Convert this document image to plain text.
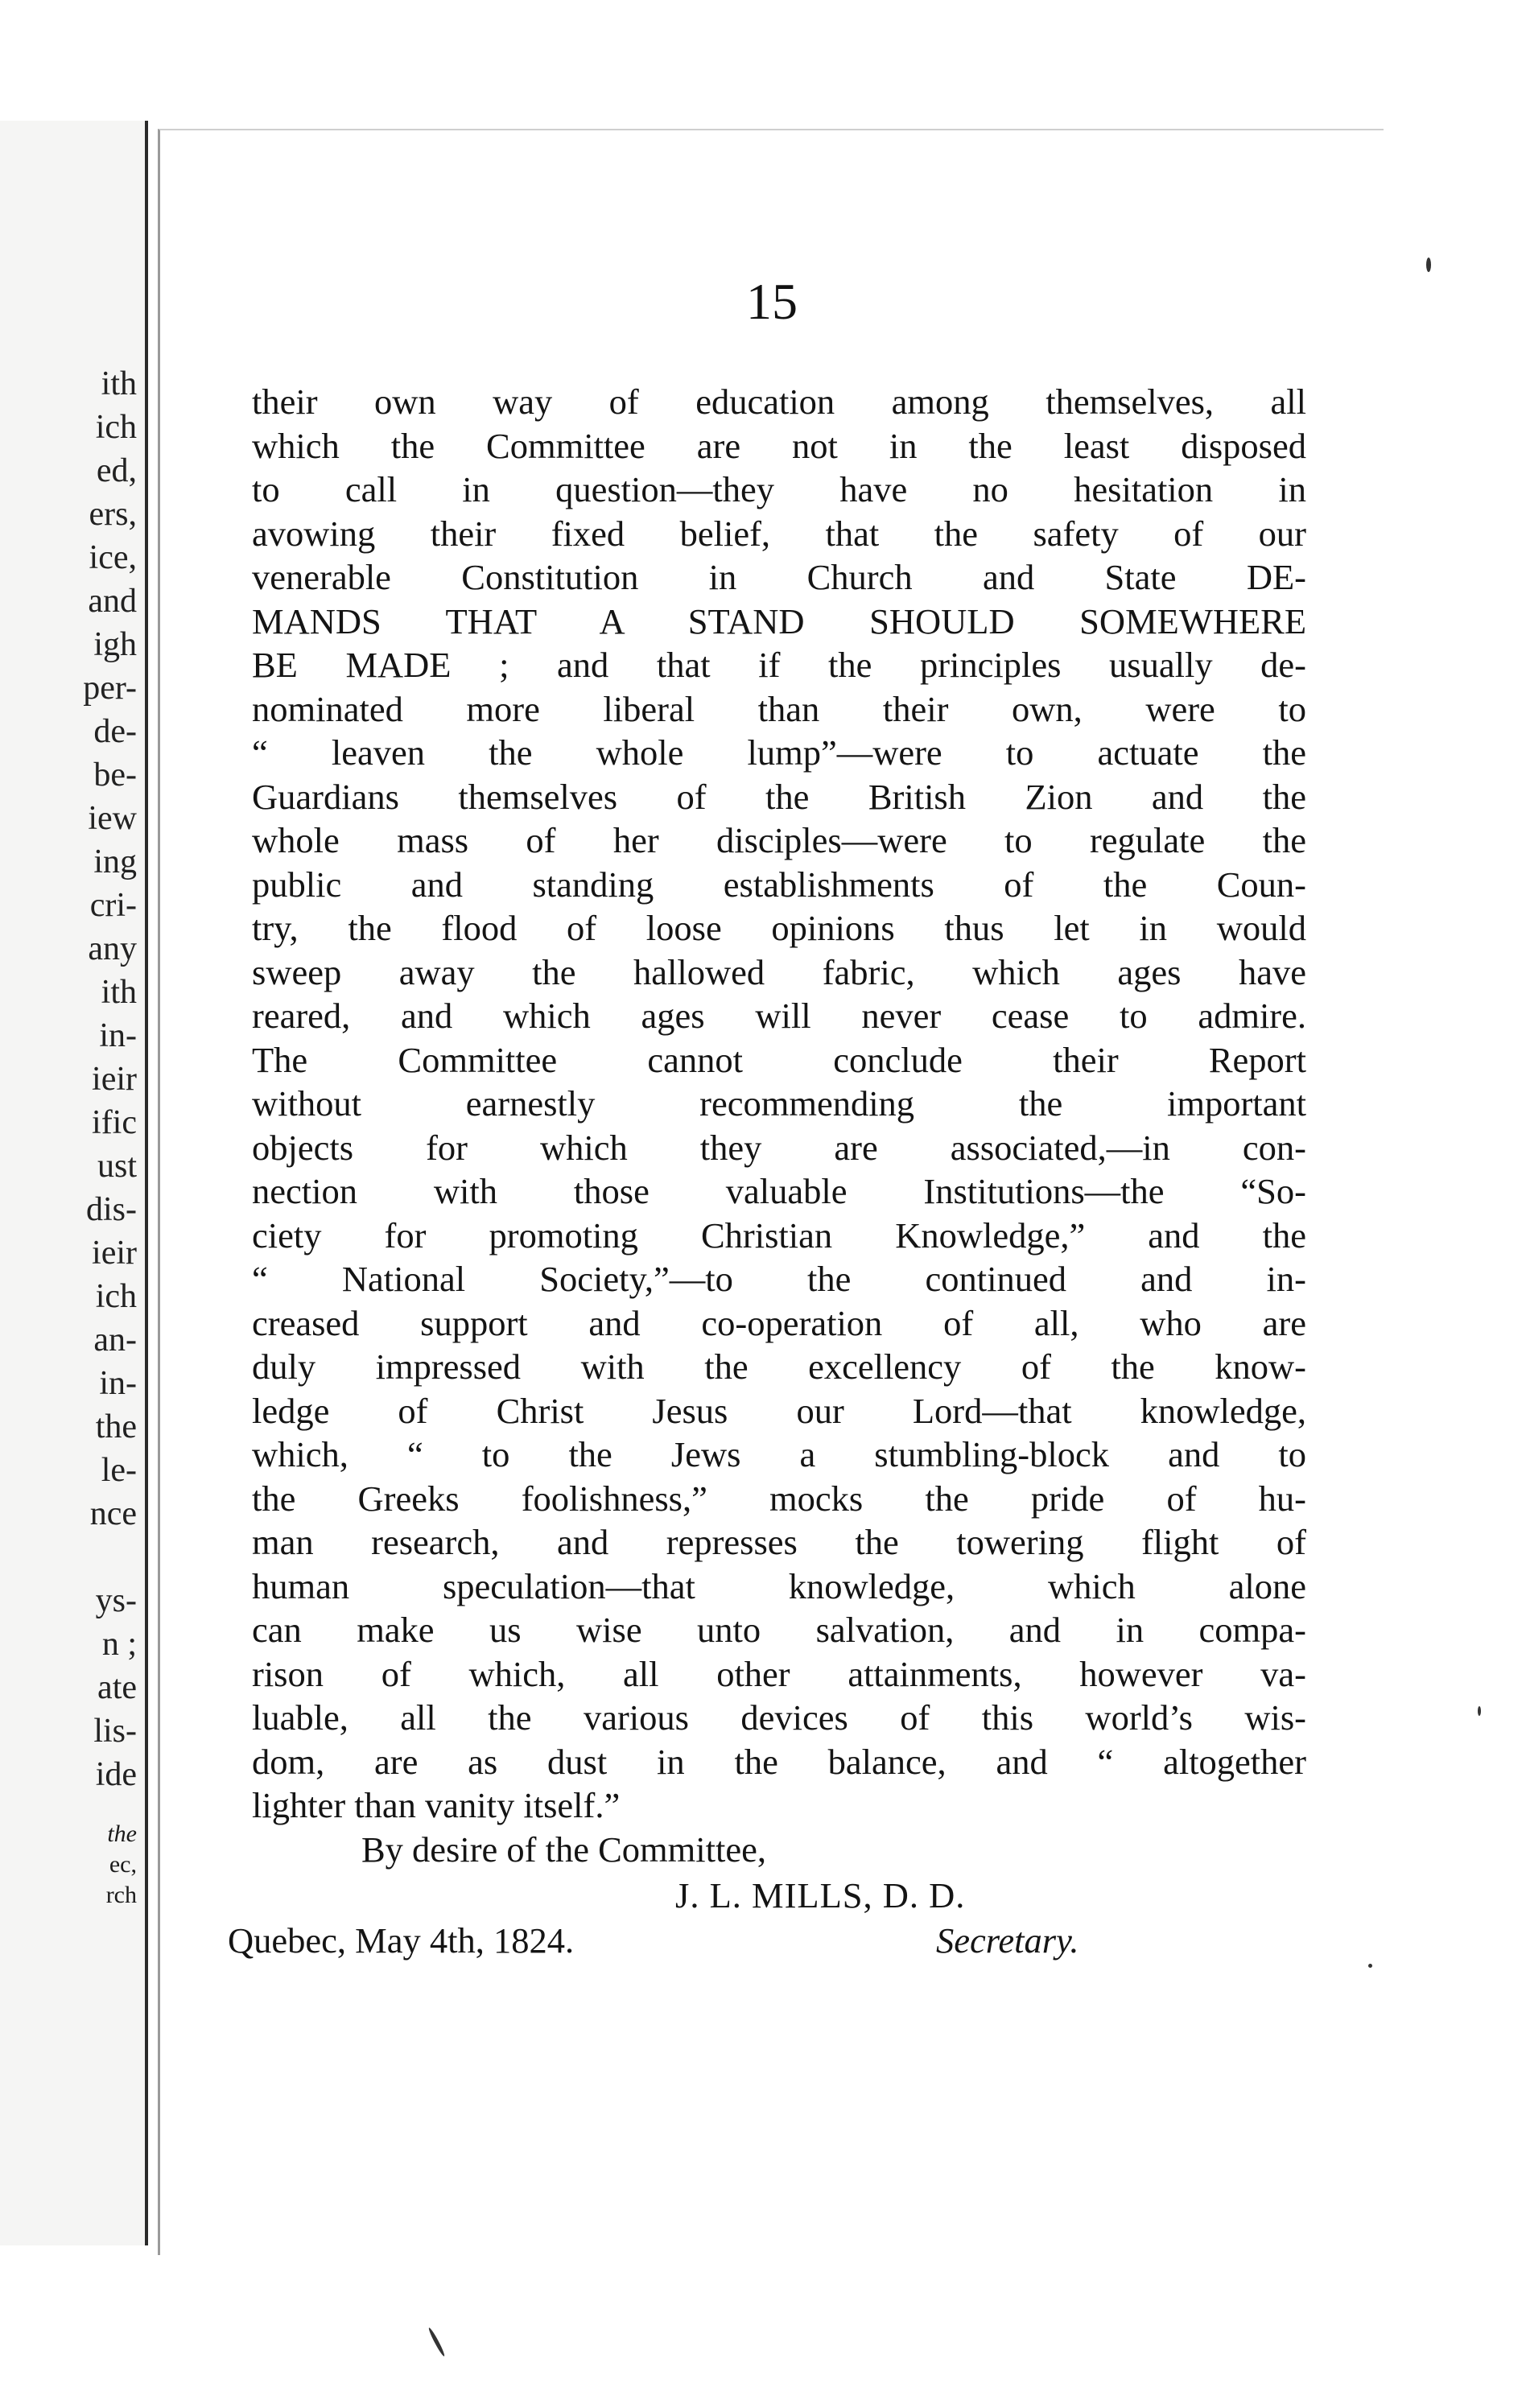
ith
ich
ed,
ers,
ice,
and
igh
per-
de-
be-
iew
ing
cri-
any
ith
in-
ieir
ific
ust
dis-
ieir
ich
an-
in-
the
le-
nce
ys-
n ;
ate
lis-
ide
the
ec,
rch
15
their own way of education among themselves, all
which the Committee are not in the least disposed
to call in question—they have no hesitation in
avowing their fixed belief, that the safety of our
venerable Constitution in Church and State DE-
MANDS THAT A STAND SHOULD SOMEWHERE
BE MADE ; and that if the principles usually de-
nominated more liberal than their own, were to
“ leaven the whole lump”—were to actuate the
Guardians themselves of the British Zion and the
whole mass of her disciples—were to regulate the
public and standing establishments of the Coun-
try, the flood of loose opinions thus let in would
sweep away the hallowed fabric, which ages have
reared, and which ages will never cease to admire.
The Committee cannot conclude their Report
without earnestly recommending the important
objects for which they are associated,—in con-
nection with those valuable Institutions—the “So-
ciety for promoting Christian Knowledge,” and the
“ National Society,”—to the continued and in-
creased support and co-operation of all, who are
duly impressed with the excellency of the know-
ledge of Christ Jesus our Lord—that knowledge,
which, “ to the Jews a stumbling-block and to
the Greeks foolishness,” mocks the pride of hu-
man research, and represses the towering flight of
human speculation—that knowledge, which alone
can make us wise unto salvation, and in compa-
rison of which, all other attainments, however va-
luable, all the various devices of this world’s wis-
dom, are as dust in the balance, and “ altogether
lighter than vanity itself.”
By desire of the Committee,
J. L. MILLS, D. D.
Quebec, May 4th, 1824.	Secretary.
